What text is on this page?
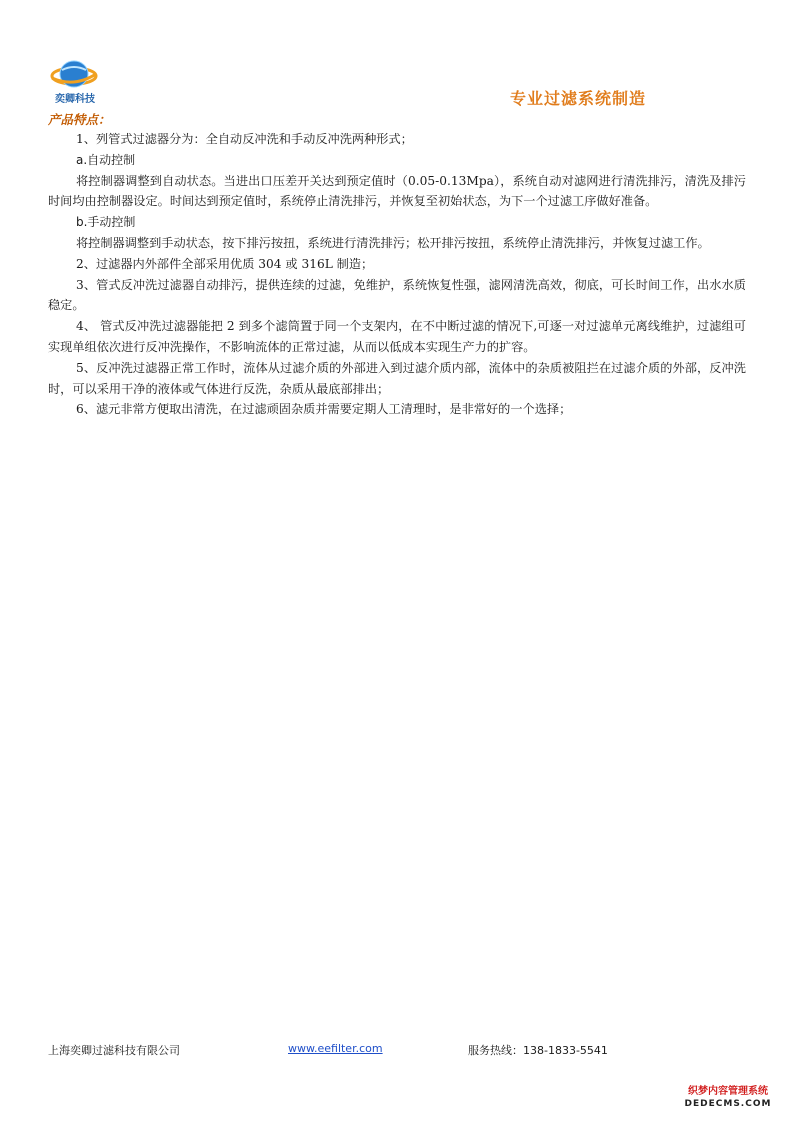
奕卿科技	专业过滤系统制造
产品特点：

1、列管式过滤器分为：全自动反冲洗和手动反冲洗两种形式；

a.自动控制

将控制器调整到自动状态。当进出口压差开关达到预定值时（0.05-0.13Mpa），系统自动对滤网进行清洗排污，清洗及排污时间均由控制器设定。时间达到预定值时，系统停止清洗排污，并恢复至初始状态，为下一个过滤工序做好准备。

b.手动控制

将控制器调整到手动状态，按下排污按扭，系统进行清洗排污；松开排污按扭，系统停止清洗排污，并恢复过滤工作。

2、过滤器内外部件全部采用优质 304 或 316L 制造；

3、管式反冲洗过滤器自动排污，提供连续的过滤，免维护，系统恢复性强，滤网清洗高效，彻底，可长时间工作，出水水质稳定。

4、 管式反冲洗过滤器能把 2 到多个滤筒置于同一个支架内，在不中断过滤的情况下,可逐一对过滤单元离线维护，过滤组可实现单组依次进行反冲洗操作，不影响流体的正常过滤，从而以低成本实现生产力的扩容。

5、反冲洗过滤器正常工作时，流体从过滤介质的外部进入到过滤介质内部，流体中的杂质被阻拦在过滤介质的外部，反冲洗时，可以采用干净的液体或气体进行反洗，杂质从最底部排出；

6、滤元非常方便取出清洗，在过滤顽固杂质并需要定期人工清理时，是非常好的一个选择；

上海奕卿过滤科技有限公司	www.eefilter.com	服务热线：138-1833-5541
织梦内容管理系统
DEDECMS.COM
